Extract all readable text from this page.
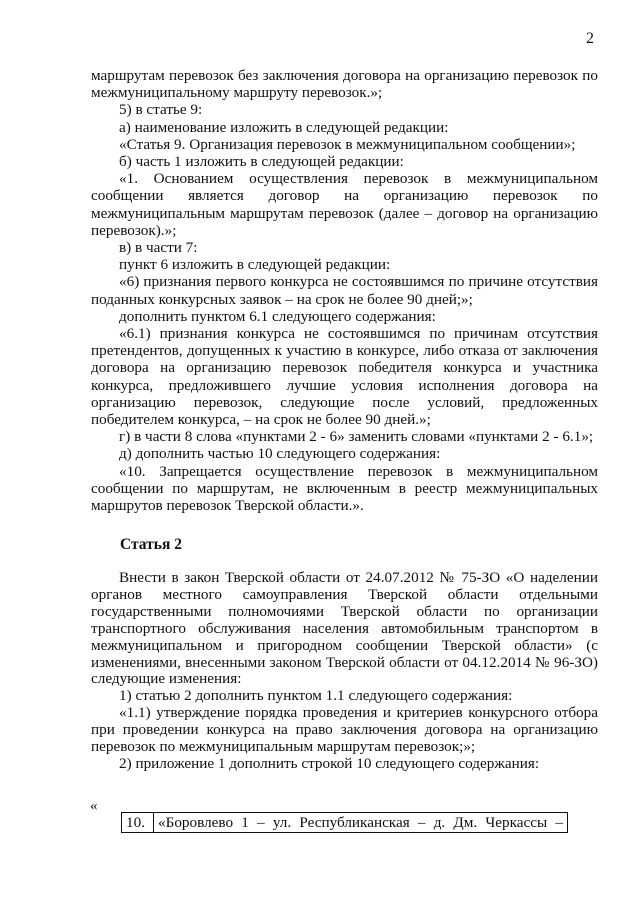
2

маршрутам перевозок без заключения договора на организацию перевозок по межмуниципальному маршруту перевозок.»;

5) в статье 9:

а) наименование изложить в следующей редакции:

«Статья 9. Организация перевозок в межмуниципальном сообщении»;

б) часть 1 изложить в следующей редакции:

«1. Основанием осуществления перевозок в межмуниципальном сообщении является договор на организацию перевозок по межмуниципальным маршрутам перевозок (далее – договор на организацию перевозок).»;

в) в части 7:

пункт 6 изложить в следующей редакции:

«6) признания первого конкурса не состоявшимся по причине отсутствия поданных конкурсных заявок – на срок не более 90 дней;»;

дополнить пунктом 6.1 следующего содержания:

«6.1) признания конкурса не состоявшимся по причинам отсутствия претендентов, допущенных к участию в конкурсе, либо отказа от заключения договора на организацию перевозок победителя конкурса и участника конкурса, предложившего лучшие условия исполнения договора на организацию перевозок, следующие после условий, предложенных победителем конкурса, – на срок не более 90 дней.»;

г) в части 8 слова «пунктами 2 - 6» заменить словами «пунктами 2 - 6.1»;

д) дополнить частью 10 следующего содержания:

«10. Запрещается осуществление перевозок в межмуниципальном сообщении по маршрутам, не включенным в реестр межмуниципальных маршрутов перевозок Тверской области.».

Статья 2

Внести в закон Тверской области от 24.07.2012 № 75-ЗО «О наделении органов местного самоуправления Тверской области отдельными государственными полномочиями Тверской области по организации транспортного обслуживания населения автомобильным транспортом в межмуниципальном и пригородном сообщении Тверской области» (с изменениями, внесенными законом Тверской области от 04.12.2014 № 96-ЗО) следующие изменения:

1) статью 2 дополнить пунктом 1.1 следующего содержания:

«1.1) утверждение порядка проведения и критериев конкурсного отбора при проведении конкурса на право заключения договора на организацию перевозок по межмуниципальным маршрутам перевозок;»;

2) приложение 1 дополнить строкой 10 следующего содержания:

«
10. «Боровлево 1 – ул. Республиканская – д. Дм. Черкассы –
